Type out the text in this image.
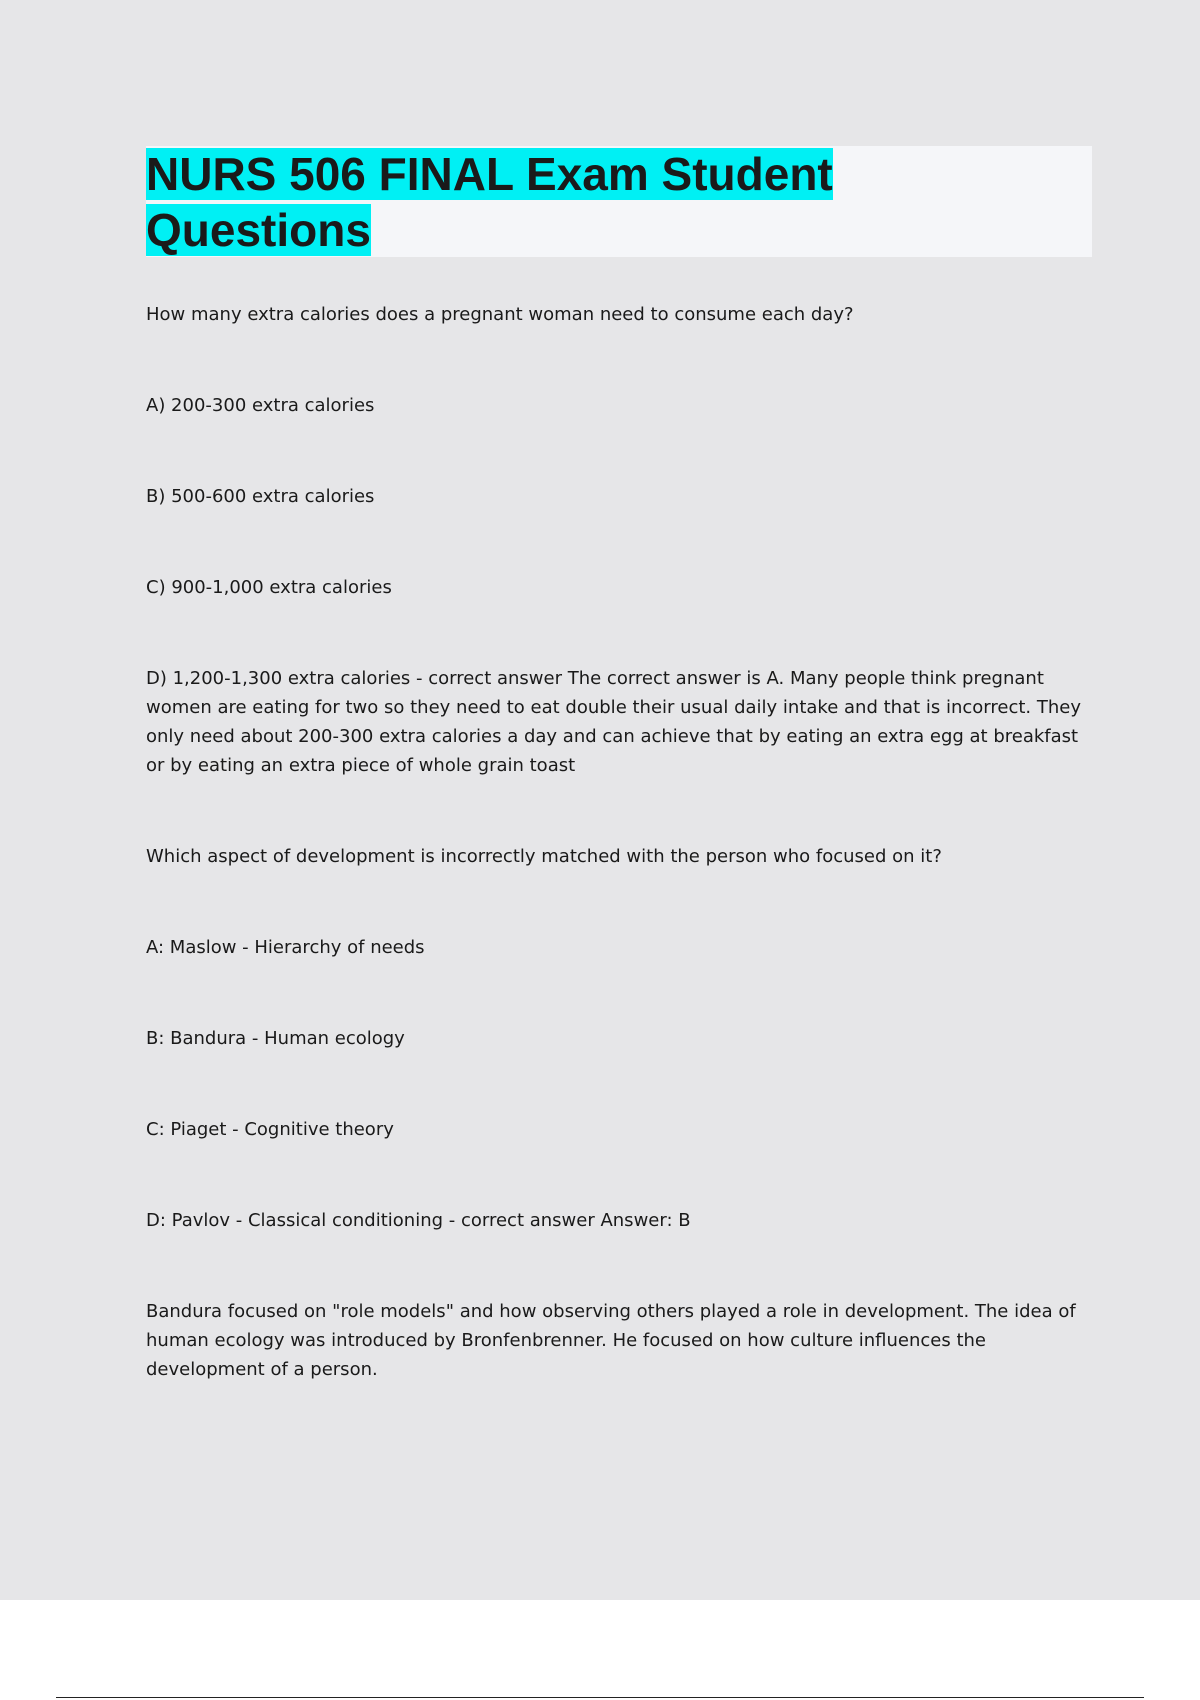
NURS 506 FINAL Exam Student Questions

How many extra calories does a pregnant woman need to consume each day?

A) 200-300 extra calories

B) 500-600 extra calories

C) 900-1,000 extra calories

D) 1,200-1,300 extra calories - correct answer The correct answer is A. Many people think pregnant women are eating for two so they need to eat double their usual daily intake and that is incorrect. They only need about 200-300 extra calories a day and can achieve that by eating an extra egg at breakfast or by eating an extra piece of whole grain toast

Which aspect of development is incorrectly matched with the person who focused on it?

A: Maslow - Hierarchy of needs

B: Bandura - Human ecology

C: Piaget - Cognitive theory

D: Pavlov - Classical conditioning - correct answer Answer: B

Bandura focused on "role models" and how observing others played a role in development. The idea of human ecology was introduced by Bronfenbrenner. He focused on how culture influences the development of a person.
